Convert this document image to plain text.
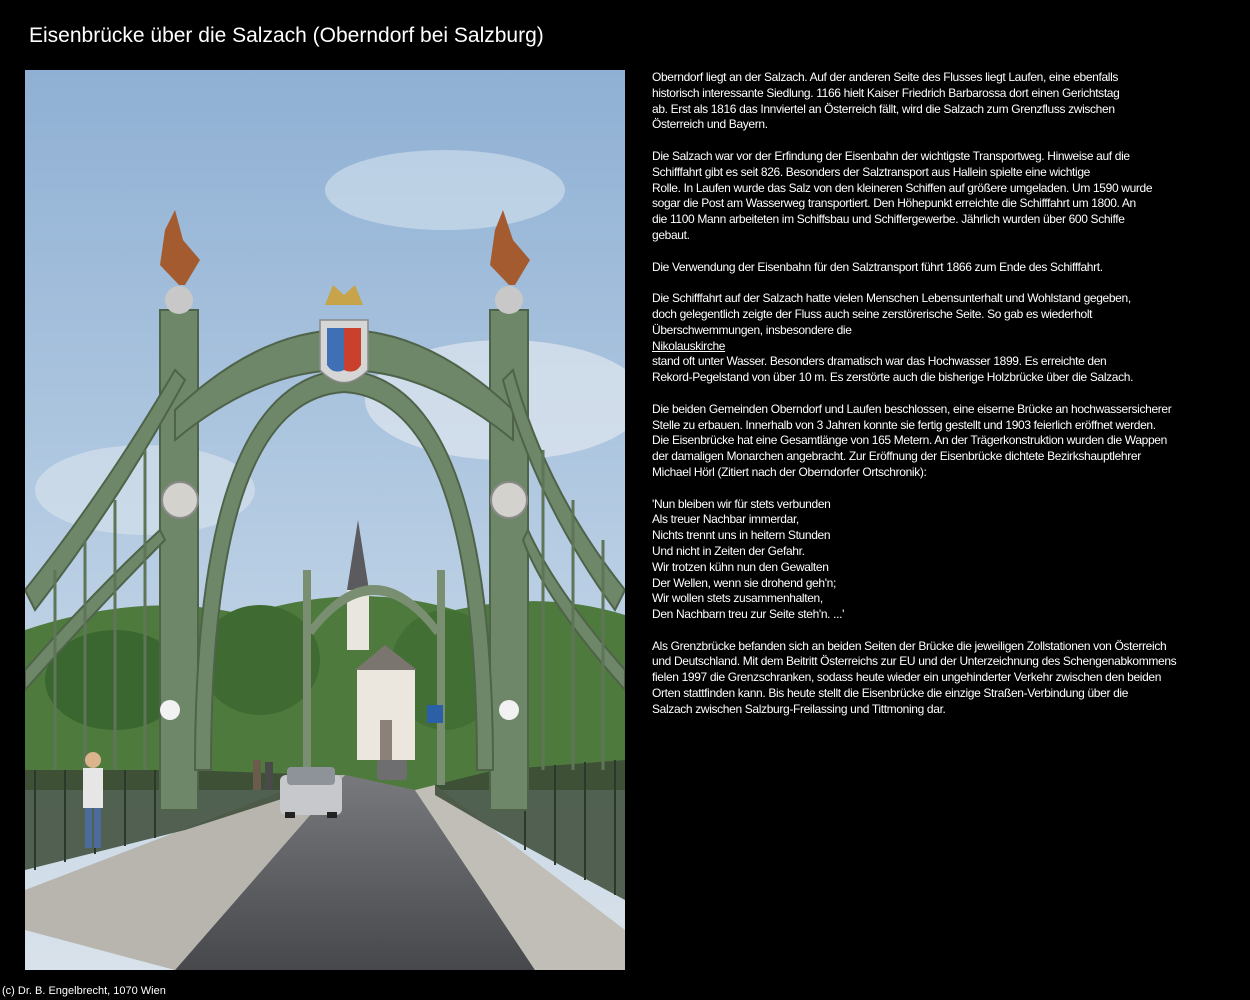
Eisenbrücke über die Salzach (Oberndorf bei Salzburg)

Oberndorf liegt an der Salzach. Auf der anderen Seite des Flusses liegt Laufen, eine ebenfalls
historisch interessante Siedlung. 1166 hielt Kaiser Friedrich Barbarossa dort einen Gerichtstag
ab. Erst als 1816 das Innviertel an Österreich fällt, wird die Salzach zum Grenzfluss zwischen
Österreich und Bayern.

Die Salzach war vor der Erfindung der Eisenbahn der wichtigste Transportweg. Hinweise auf die
Schifffahrt gibt es seit 826. Besonders der Salztransport aus Hallein spielte eine wichtige
Rolle. In Laufen wurde das Salz von den kleineren Schiffen auf größere umgeladen. Um 1590 wurde
sogar die Post am Wasserweg transportiert. Den Höhepunkt erreichte die Schifffahrt um 1800. An
die 1100 Mann arbeiteten im Schiffsbau und Schiffergewerbe. Jährlich wurden über 600 Schiffe
gebaut.

Die Verwendung der Eisenbahn für den Salztransport führt 1866 zum Ende des Schifffahrt.

Die Schifffahrt auf der Salzach hatte vielen Menschen Lebensunterhalt und Wohlstand gegeben,
doch gelegentlich zeigte der Fluss auch seine zerstörerische Seite. So gab es wiederholt
Überschwemmungen, insbesondere die
Nikolauskirche
stand oft unter Wasser. Besonders dramatisch war das Hochwasser 1899. Es erreichte den
Rekord-Pegelstand von über 10 m. Es zerstörte auch die bisherige Holzbrücke über die Salzach.

Die beiden Gemeinden Oberndorf und Laufen beschlossen, eine eiserne Brücke an hochwassersicherer
Stelle zu erbauen. Innerhalb von 3 Jahren konnte sie fertig gestellt und 1903 feierlich eröffnet werden.
Die Eisenbrücke hat eine Gesamtlänge von 165 Metern. An der Trägerkonstruktion wurden die Wappen
der damaligen Monarchen angebracht. Zur Eröffnung der Eisenbrücke dichtete Bezirkshauptlehrer
Michael Hörl (Zitiert nach der Oberndorfer Ortschronik):

'Nun bleiben wir für stets verbunden
Als treuer Nachbar immerdar,
Nichts trennt uns in heitern Stunden
Und nicht in Zeiten der Gefahr.
Wir trotzen kühn nun den Gewalten
Der Wellen, wenn sie drohend geh'n;
Wir wollen stets zusammenhalten,
Den Nachbarn treu zur Seite steh'n. ...'

Als Grenzbrücke befanden sich an beiden Seiten der Brücke die jeweiligen Zollstationen von Österreich
und Deutschland. Mit dem Beitritt Österreichs zur EU und der Unterzeichnung des Schengenabkommens
fielen 1997 die Grenzschranken, sodass heute wieder ein ungehinderter Verkehr zwischen den beiden
Orten stattfinden kann. Bis heute stellt die Eisenbrücke die einzige Straßen-Verbindung über die
Salzach zwischen Salzburg-Freilassing und Tittmoning dar.

(c) Dr. B. Engelbrecht, 1070 Wien
